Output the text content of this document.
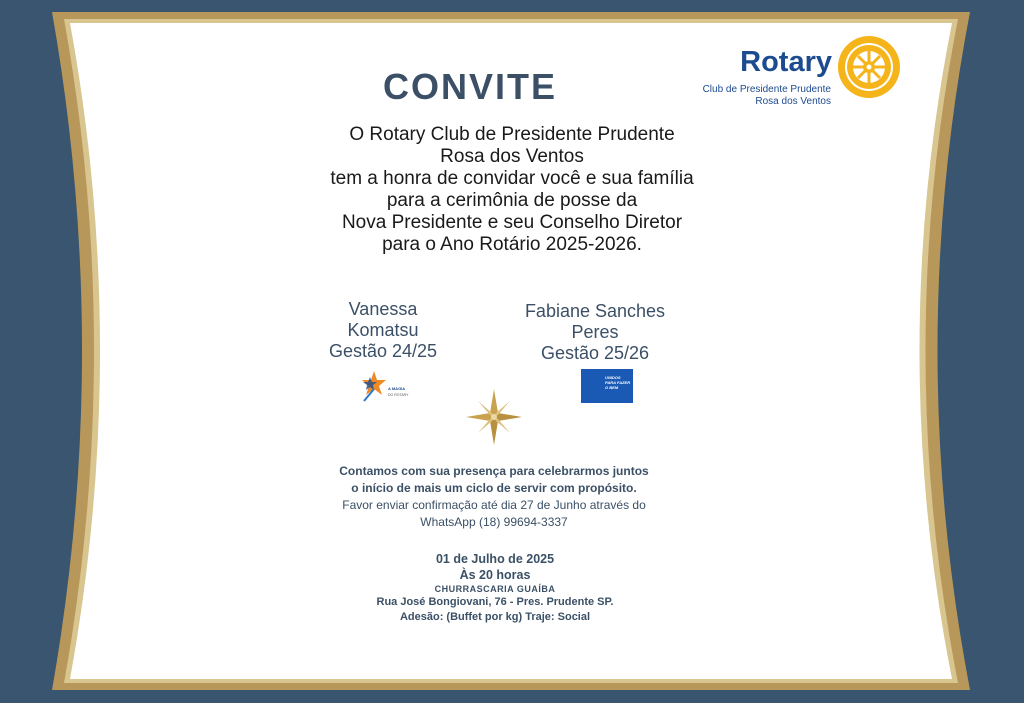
CONVITE
Rotary
Club de Presidente Prudente
Rosa dos Ventos
O Rotary Club de Presidente Prudente
Rosa dos Ventos
tem a honra de convidar você e sua família
para a cerimônia de posse da
Nova Presidente e seu Conselho Diretor
para o Ano Rotário 2025-2026.
Vanessa
Komatsu
Gestão 24/25
Fabiane Sanches
Peres
Gestão 25/26
A MAGIA
DO ROTARY
UNIDOS PARA FAZER O BEM
Contamos com sua presença para celebrarmos juntos
o início de mais um ciclo de servir com propósito.
Favor enviar confirmação até dia 27 de Junho através do
WhatsApp (18) 99694-3337
01 de Julho de 2025
Às 20 horas
CHURRASCARIA GUAÍBA
Rua José Bongiovani, 76 - Pres. Prudente SP.
Adesão: (Buffet por kg) Traje: Social
